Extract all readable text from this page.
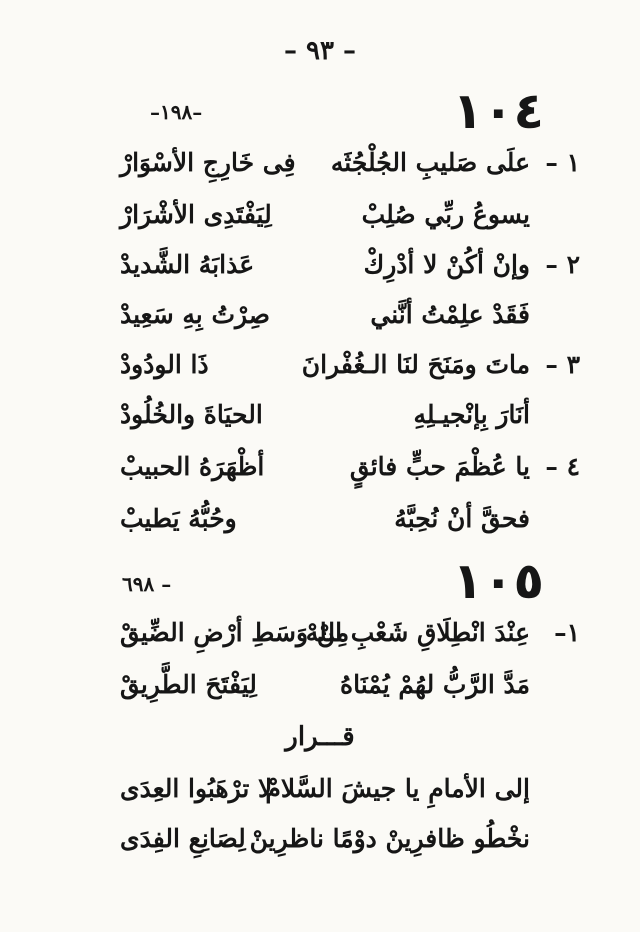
– ٩٣ –
١٠٤
–١٩٨–
١ –
علَى صَليبِ الجُلْجُثَه
فِى خَارِجِ الأسْوَارْ
يسوعُ ربِّي صُلِبْ
لِيَفْتَدِى الأشْرَارْ
٢ –
وإنْ أكُنْ لا أدْرِكْ
عَذابَهُ الشَّديدْ
فَقَدْ علِمْتُ أنَّني
صِرْتُ بِهِ سَعِيدْ
٣ –
ماتَ ومَنَحَ لنَا الـغُفْرانَ
ذَا الودُودْ
أنَارَ بِإنْجيـلِهِ
الحيَاةَ والخُلُودْ
٤ –
يا عُظْمَ حبٍّ فائقٍ
أظْهَرَهُ الحبيبْ
فحقَّ أنْ نُحِبَّهُ
وحُبُّهُ يَطيبْ
١٠٥
– ٦٩٨
١–
عِنْدَ انْطِلَاقِ شَعْبِ اللهْ
مِنْ وَسَطِ أرْضِ الضِّيقْ
مَدَّ الرَّبُّ لهُمْ يُمْنَاهُ
لِيَفْتَحَ الطَّرِيقْ
قـــرار
إلى الأمامِ يا جيشَ السَّلامْ
لا ترْهَبُوا العِدَى
نخْطُو ظافرِينْ دوْمًا ناظرِينْ
لِصَانِعِ الفِدَى
